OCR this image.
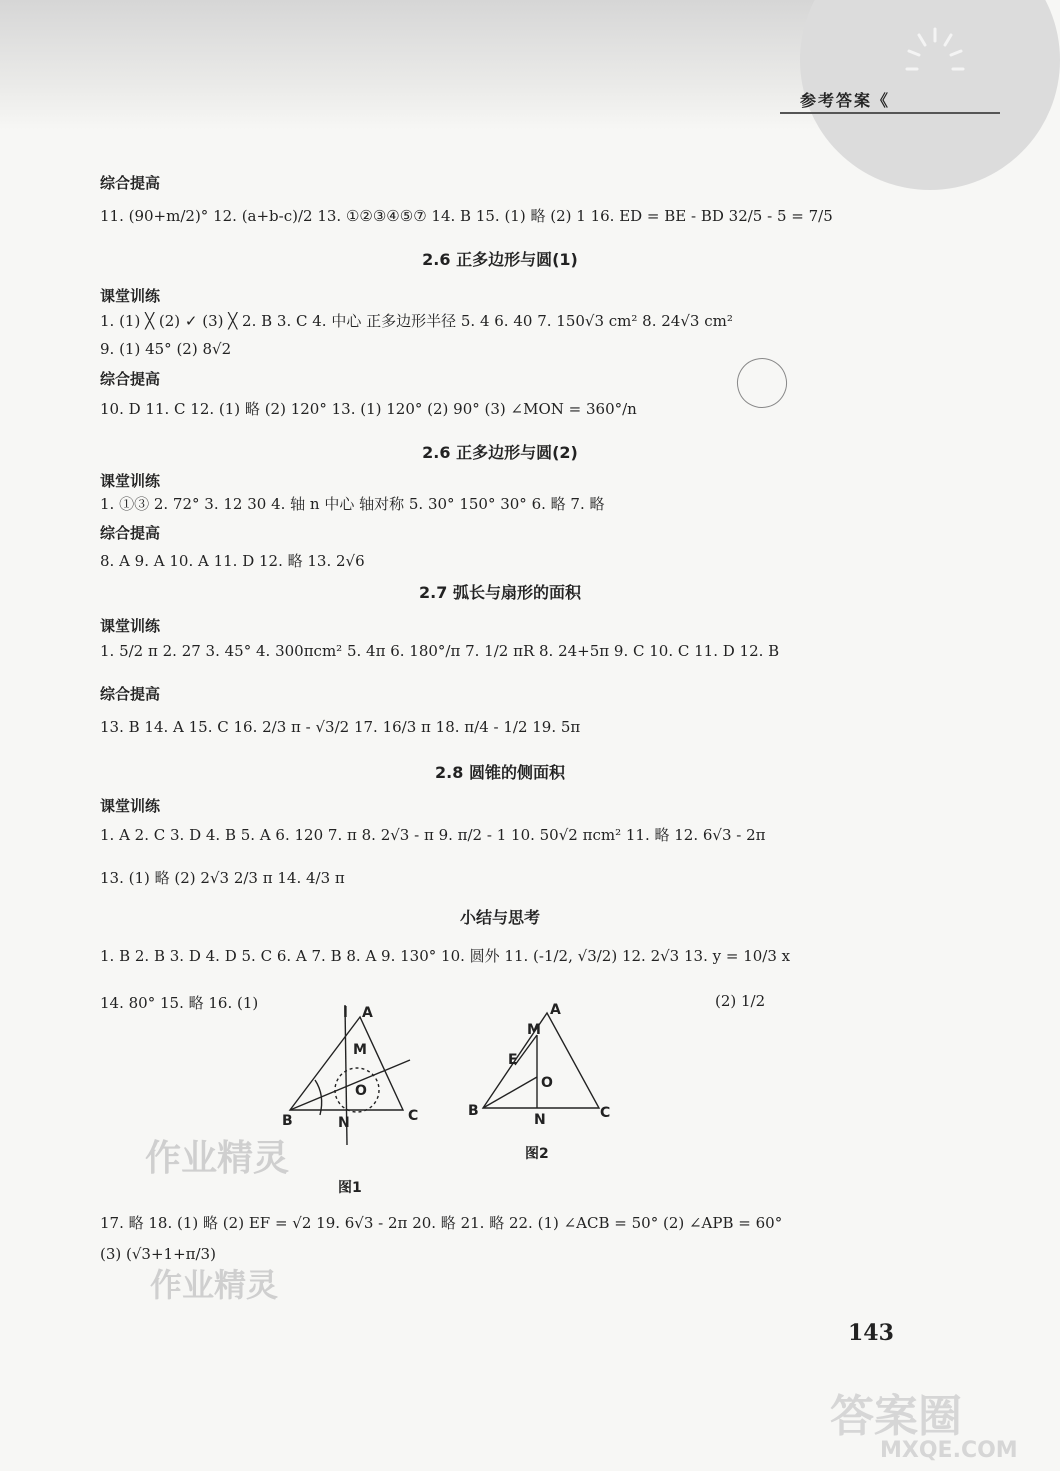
参考答案《
综合提高
11. (90+m/2)° 12. (a+b-c)/2 13. ①②③④⑤⑦ 14. B 15. (1) 略 (2) 1 16. ED = BE - BD 32/5 - 5 = 7/5
2.6 正多边形与圆(1)
课堂训练
1. (1) ╳ (2) ✓ (3) ╳ 2. B 3. C 4. 中心 正多边形半径 5. 4 6. 40 7. 150√3 cm² 8. 24√3 cm²
9. (1) 45° (2) 8√2
综合提高
10. D 11. C 12. (1) 略 (2) 120° 13. (1) 120° (2) 90° (3) ∠MON = 360°/n
2.6 正多边形与圆(2)
课堂训练
1. ①③ 2. 72° 3. 12 30 4. 轴 n 中心 轴对称 5. 30° 150° 30° 6. 略 7. 略
综合提高
8. A 9. A 10. A 11. D 12. 略 13. 2√6
2.7 弧长与扇形的面积
课堂训练
1. 5/2 π 2. 27 3. 45° 4. 300πcm² 5. 4π 6. 180°/π 7. 1/2 πR 8. 24+5π 9. C 10. C 11. D 12. B
综合提高
13. B 14. A 15. C 16. 2/3 π - √3/2 17. 16/3 π 18. π/4 - 1/2 19. 5π
2.8 圆锥的侧面积
课堂训练
1. A 2. C 3. D 4. B 5. A 6. 120 7. π 8. 2√3 - π 9. π/2 - 1 10. 50√2 πcm² 11. 略 12. 6√3 - 2π
13. (1) 略 (2) 2√3 2/3 π 14. 4/3 π
小结与思考
1. B 2. B 3. D 4. D 5. C 6. A 7. B 8. A 9. 130° 10. 圆外 11. (-1/2, √3/2) 12. 2√3 13. y = 10/3 x
14. 80° 15. 略 16. (1)	(2) 1/2
l A
M
O
B	N	C
图1
A
M
E
O
B
N	C
图2
17. 略 18. (1) 略 (2) EF = √2 19. 6√3 - 2π 20. 略 21. 略 22. (1) ∠ACB = 50° (2) ∠APB = 60°
(3) (√3+1+π/3)
作业精灵
作业精灵
143
答案圈
MXQE.COM
